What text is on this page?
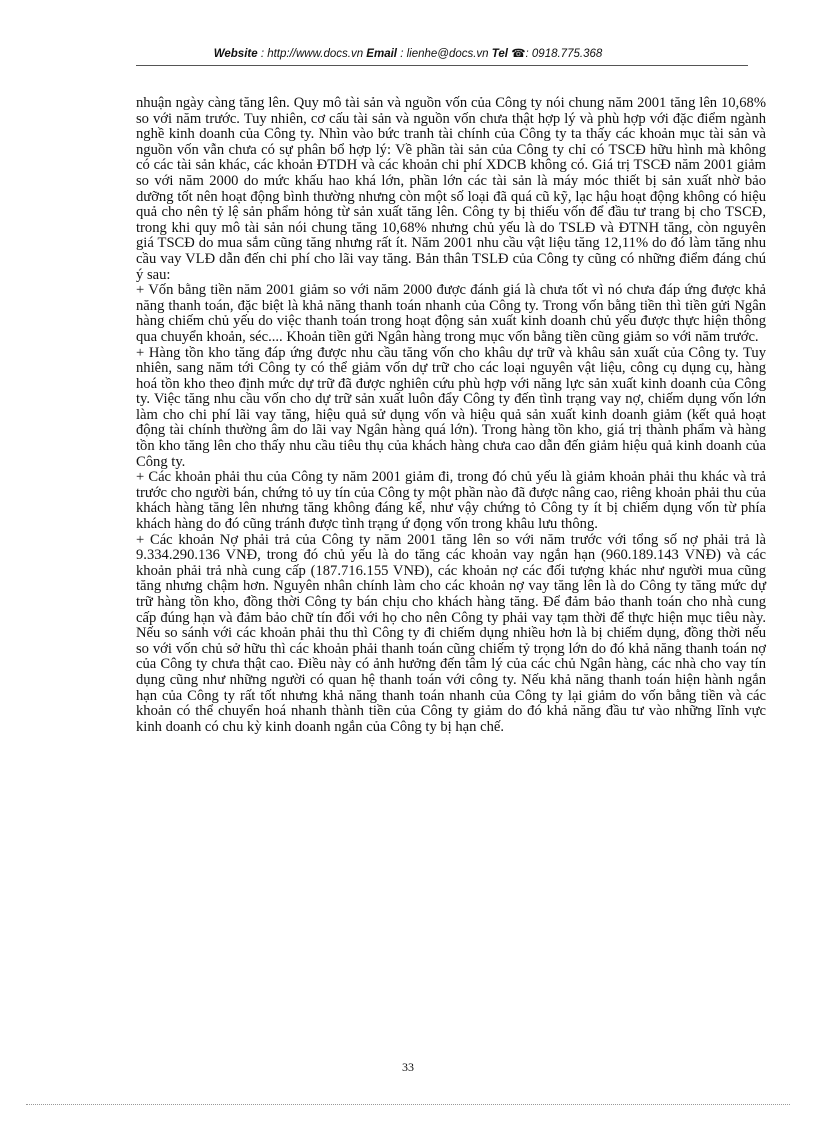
Website : http://www.docs.vn Email : lienhe@docs.vn Tel ☎: 0918.775.368

nhuận ngày càng tăng lên. Quy mô tài sản và nguồn vốn của Công ty nói chung năm 2001 tăng lên 10,68% so với năm trước. Tuy nhiên, cơ cấu tài sản và nguồn vốn chưa thật hợp lý và phù hợp với đặc điểm ngành nghề kinh doanh của Công ty. Nhìn vào bức tranh tài chính của Công ty ta thấy các khoản mục tài sản và nguồn vốn vẫn chưa có sự phân bổ hợp lý: Về phần tài sản của Công ty chỉ có TSCĐ hữu hình mà không có các tài sản khác, các khoản ĐTDH và các khoản chi phí XDCB không có. Giá trị TSCĐ năm 2001 giảm so với năm 2000 do mức khấu hao khá lớn, phần lớn các tài sản là máy móc thiết bị sản xuất nhờ bảo dưỡng tốt nên hoạt động bình thường nhưng còn một số loại đã quá cũ kỹ, lạc hậu hoạt động không có hiệu quả cho nên tỷ lệ sản phẩm hỏng từ sản xuất tăng lên. Công ty bị thiếu vốn để đầu tư trang bị cho TSCĐ, trong khi quy mô tài sản nói chung tăng 10,68% nhưng chủ yếu là do TSLĐ và ĐTNH tăng, còn nguyên giá TSCĐ do mua sắm cũng tăng nhưng rất ít. Năm 2001 nhu cầu vật liệu tăng 12,11% do đó làm tăng nhu cầu vay VLĐ dẫn đến chi phí cho lãi vay tăng. Bản thân TSLĐ của Công ty cũng có những điểm đáng chú ý sau:

+ Vốn bằng tiền năm 2001 giảm so với năm 2000 được đánh giá là chưa tốt vì nó chưa đáp ứng được khả năng thanh toán, đặc biệt là khả năng thanh toán nhanh của Công ty. Trong vốn bằng tiền thì tiền gửi Ngân hàng chiếm chủ yếu do việc thanh toán trong hoạt động sản xuất kinh doanh chủ yếu được thực hiện thông qua chuyển khoản, séc.... Khoản tiền gửi Ngân hàng trong mục vốn bằng tiền cũng giảm so với năm trước.

+ Hàng tồn kho tăng đáp ứng được nhu cầu tăng vốn cho khâu dự trữ và khâu sản xuất của Công ty. Tuy nhiên, sang năm tới Công ty có thể giảm vốn dự trữ cho các loại nguyên vật liệu, công cụ dụng cụ, hàng hoá tồn kho theo định mức dự trữ đã được nghiên cứu phù hợp với năng lực sản xuất kinh doanh của Công ty. Việc tăng nhu cầu vốn cho dự trữ sản xuất luôn đẩy Công ty đến tình trạng vay nợ, chiếm dụng vốn lớn làm cho chi phí lãi vay tăng, hiệu quả sử dụng vốn và hiệu quả sản xuất kinh doanh giảm (kết quả hoạt động tài chính thường âm do lãi vay Ngân hàng quá lớn). Trong hàng tồn kho, giá trị thành phẩm và hàng tồn kho tăng lên cho thấy nhu cầu tiêu thụ của khách hàng chưa cao dẫn đến giảm hiệu quả kinh doanh của Công ty.

+ Các khoản phải thu của Công ty năm 2001 giảm đi, trong đó chủ yếu là giảm khoản phải thu khác và trả trước cho người bán, chứng tỏ uy tín của Công ty một phần nào đã được nâng cao, riêng khoản phải thu của khách hàng tăng lên nhưng tăng không đáng kể, như vậy chứng tỏ Công ty ít bị chiếm dụng vốn từ phía khách hàng do đó cũng tránh được tình trạng ứ đọng vốn trong khâu lưu thông.

+ Các khoản Nợ phải trả của Công ty năm 2001 tăng lên so với năm trước với tổng số nợ phải trả là 9.334.290.136 VNĐ, trong đó chủ yếu là do tăng các khoản vay ngắn hạn (960.189.143 VNĐ) và các khoản phải trả nhà cung cấp (187.716.155 VNĐ), các khoản nợ các đối tượng khác như người mua cũng tăng nhưng chậm hơn. Nguyên nhân chính làm cho các khoản nợ vay tăng lên là do Công ty tăng mức dự trữ hàng tồn kho, đồng thời Công ty bán chịu cho khách hàng tăng. Để đảm bảo thanh toán cho nhà cung cấp đúng hạn và đảm bảo chữ tín đối với họ cho nên Công ty phải vay tạm thời để thực hiện mục tiêu này. Nếu so sánh với các khoản phải thu thì Công ty đi chiếm dụng nhiều hơn là bị chiếm dụng, đồng thời nếu so với vốn chủ sở hữu thì các khoản phải thanh toán cũng chiếm tỷ trọng lớn do đó khả năng thanh toán nợ của Công ty chưa thật cao. Điều này có ảnh hưởng đến tâm lý của các chủ Ngân hàng, các nhà cho vay tín dụng cũng như những người có quan hệ thanh toán với công ty. Nếu khả năng thanh toán hiện hành ngắn hạn của Công ty rất tốt nhưng khả năng thanh toán nhanh của Công ty lại giảm do vốn bằng tiền và các khoản có thể chuyển hoá nhanh thành tiền của Công ty giảm do đó khả năng đầu tư vào những lĩnh vực kinh doanh có chu kỳ kinh doanh ngắn của Công ty bị hạn chế.

33
